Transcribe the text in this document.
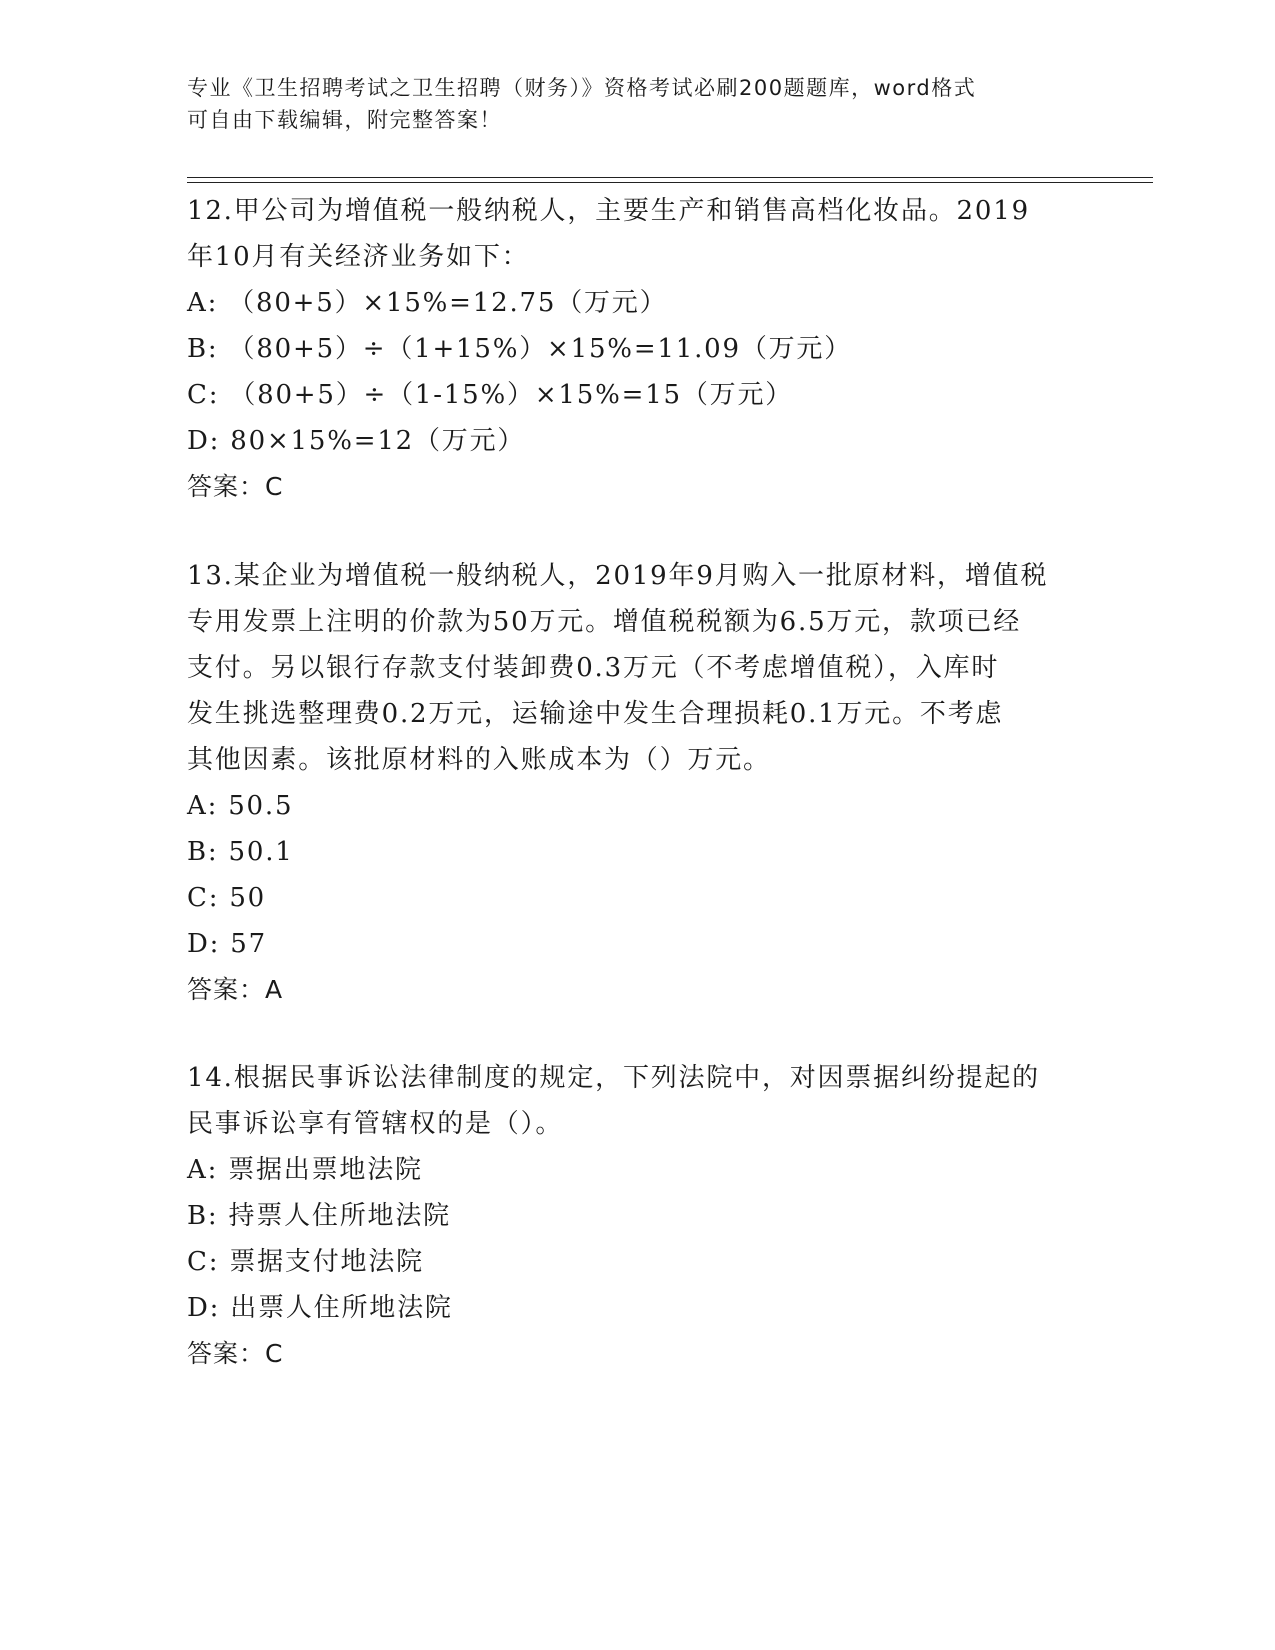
专业《卫生招聘考试之卫生招聘（财务）》资格考试必刷200题题库，word格式
可自由下载编辑，附完整答案！

12.甲公司为增值税一般纳税人，主要生产和销售高档化妆品。2019

年10月有关经济业务如下：

A: （80+5）×15%=12.75（万元）

B: （80+5）÷（1+15%）×15%=11.09（万元）

C: （80+5）÷（1-15%）×15%=15（万元）

D: 80×15%=12（万元）

答案：C

13.某企业为增值税一般纳税人，2019年9月购入一批原材料，增值税

专用发票上注明的价款为50万元。增值税税额为6.5万元，款项已经

支付。另以银行存款支付装卸费0.3万元（不考虑增值税），入库时

发生挑选整理费0.2万元，运输途中发生合理损耗0.1万元。不考虑

其他因素。该批原材料的入账成本为（）万元。

A: 50.5

B: 50.1

C: 50

D: 57

答案：A

14.根据民事诉讼法律制度的规定，下列法院中，对因票据纠纷提起的

民事诉讼享有管辖权的是（）。

A: 票据出票地法院

B: 持票人住所地法院

C: 票据支付地法院

D: 出票人住所地法院

答案：C
